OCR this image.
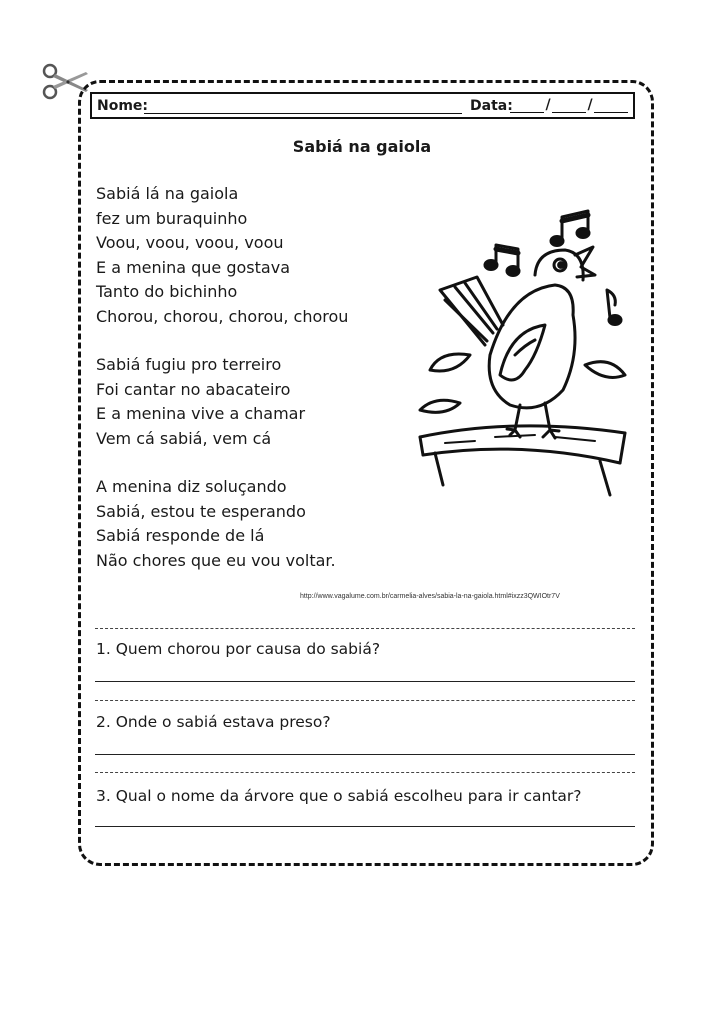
Nome:	Data:	/	/
Sabiá na gaiola
Sabiá lá na gaiola
fez um buraquinho
Voou, voou, voou, voou
E a menina que gostava
Tanto do bichinho
Chorou, chorou, chorou, chorou
Sabiá fugiu pro terreiro
Foi cantar no abacateiro
E a menina vive a chamar
Vem cá sabiá, vem cá
A menina diz soluçando
Sabiá, estou te esperando
Sabiá responde de lá
Não chores que eu vou voltar.
http://www.vagalume.com.br/carmelia-alves/sabia-la-na-gaiola.html#ixzz3QWIOtr7V
1. Quem chorou por causa do sabiá?
2. Onde o sabiá estava preso?
3. Qual o nome da árvore que o sabiá escolheu para ir cantar?
